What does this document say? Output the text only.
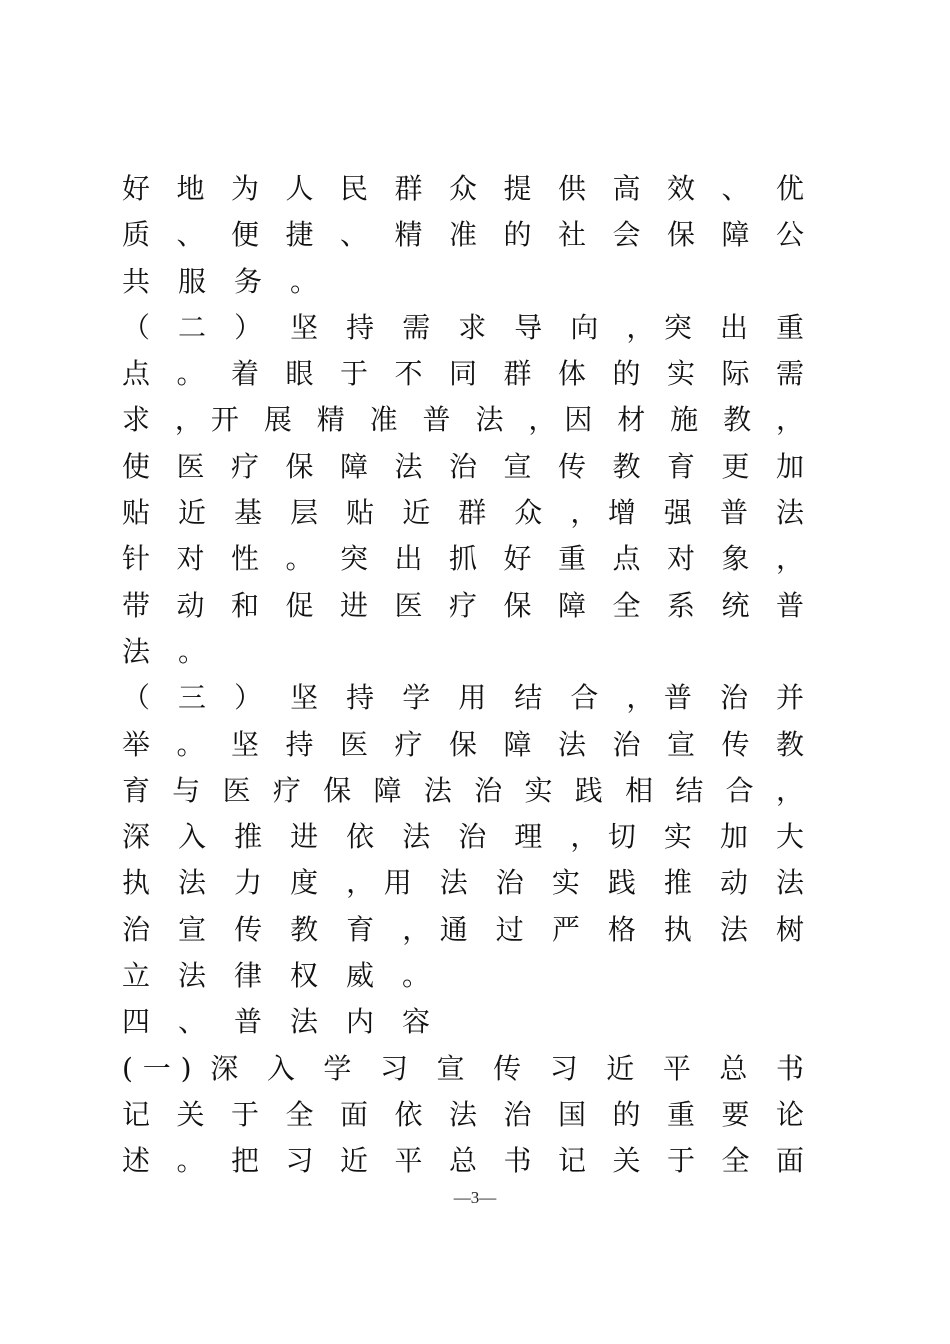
好 地 为 人 民 群 众 提 供 高 效 、 优
质 、 便 捷 、 精 准 的 社 会 保 障 公
共服务。
（ 二 ） 坚 持 需 求 导 向 ，突 出 重
点 。 着 眼 于 不 同 群 体 的 实 际 需
求 ，开 展 精 准 普 法 ，因 材 施 教 ，
使 医 疗 保 障 法 治 宣 传 教 育 更 加
贴 近 基 层 贴 近 群 众 ，增 强 普 法
针 对 性 。 突 出 抓 好 重 点 对 象 ，
带 动 和 促 进 医 疗 保 障 全 系 统 普
法。
（ 三 ） 坚 持 学 用 结 合 ，普 治 并
举 。 坚 持 医 疗 保 障 法 治 宣 传 教
育 与 医 疗 保 障 法 治 实 践 相 结 合 ，
深 入 推 进 依 法 治 理 ，切 实 加 大
执 法 力 度 ，用 法 治 实 践 推 动 法
治 宣 传 教 育 ，通 过 严 格 执 法 树
立法律权威。
四、普法内容
(一) 深 入 学 习 宣 传 习 近 平 总 书
记 关 于 全 面 依 法 治 国 的 重 要 论
述 。 把 习 近 平 总 书 记 关 于 全 面
—3—
